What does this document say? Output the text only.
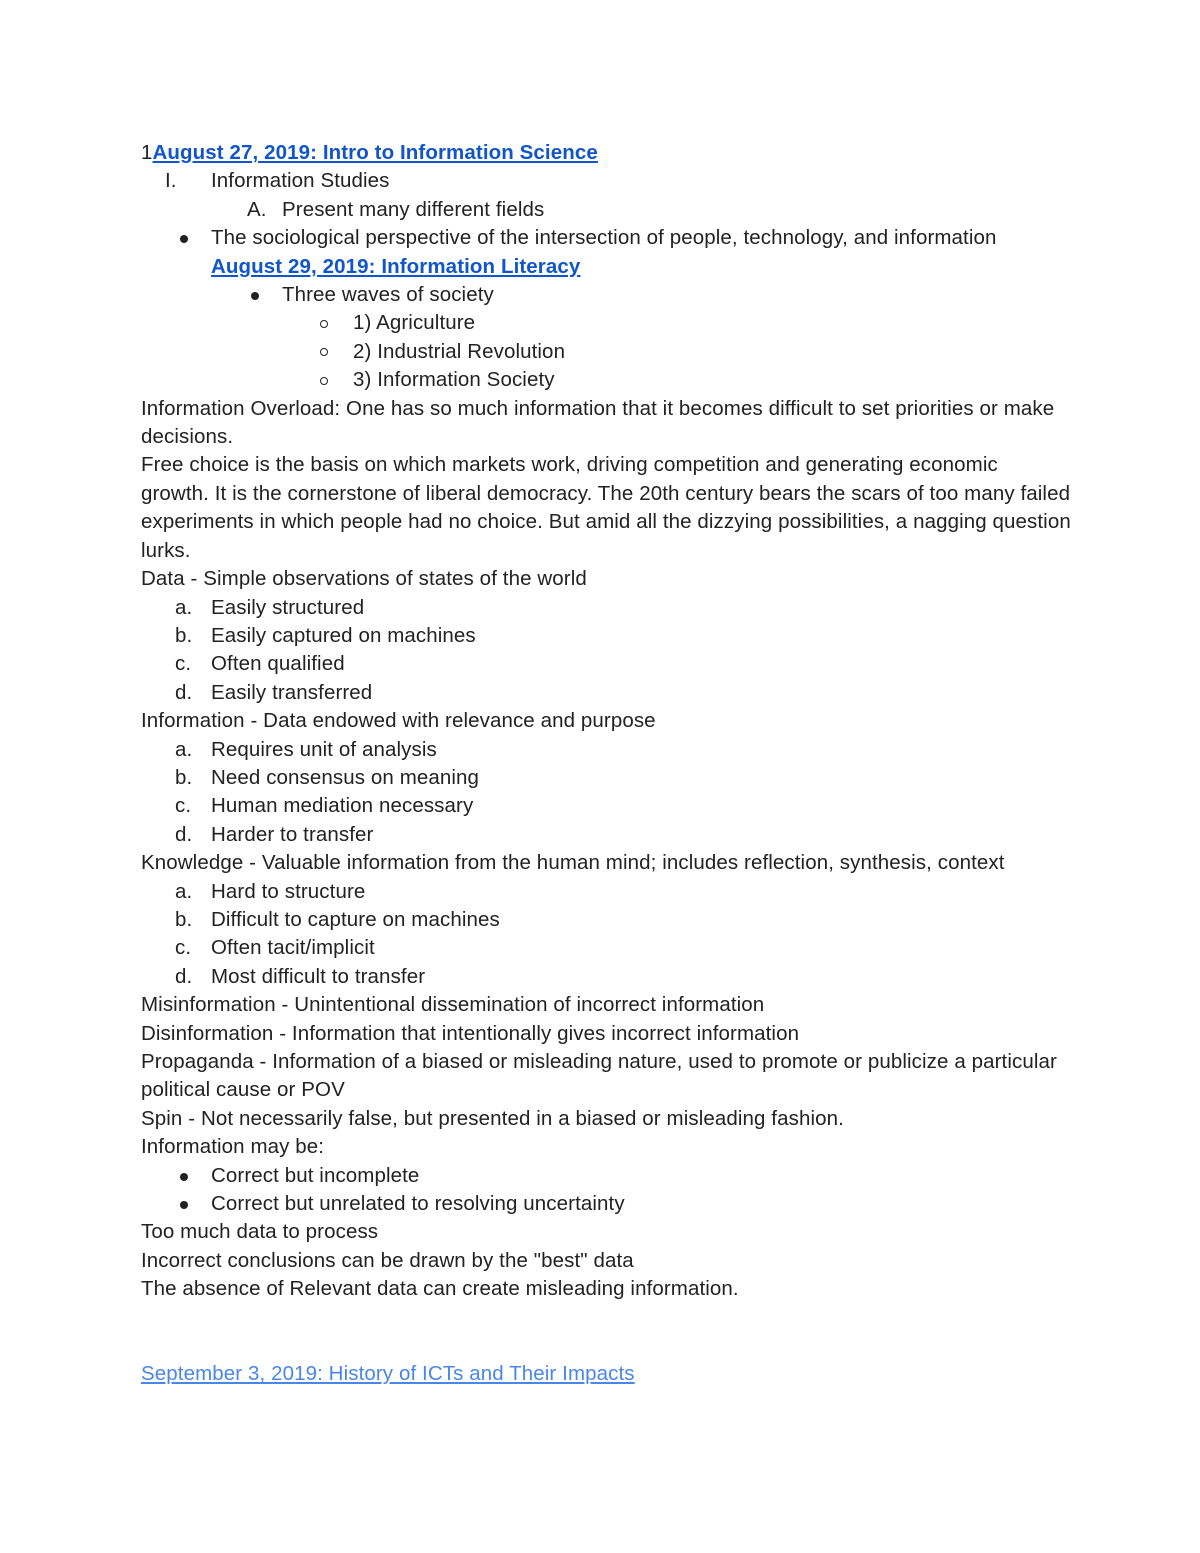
1August 27, 2019: Intro to Information Science
I. Information Studies
A. Present many different fields
The sociological perspective of the intersection of people, technology, and information
August 29, 2019: Information Literacy
Three waves of society
1) Agriculture
2) Industrial Revolution
3) Information Society
Information Overload: One has so much information that it becomes difficult to set priorities or make decisions.
Free choice is the basis on which markets work, driving competition and generating economic growth. It is the cornerstone of liberal democracy. The 20th century bears the scars of too many failed experiments in which people had no choice. But amid all the dizzying possibilities, a nagging question lurks.
Data - Simple observations of states of the world
a. Easily structured
b. Easily captured on machines
c. Often qualified
d. Easily transferred
Information - Data endowed with relevance and purpose
a. Requires unit of analysis
b. Need consensus on meaning
c. Human mediation necessary
d. Harder to transfer
Knowledge - Valuable information from the human mind; includes reflection, synthesis, context
a. Hard to structure
b. Difficult to capture on machines
c. Often tacit/implicit
d. Most difficult to transfer
Misinformation - Unintentional dissemination of incorrect information
Disinformation - Information that intentionally gives incorrect information
Propaganda - Information of a biased or misleading nature, used to promote or publicize a particular political cause or POV
Spin - Not necessarily false, but presented in a biased or misleading fashion.
Information may be:
Correct but incomplete
Correct but unrelated to resolving uncertainty
Too much data to process
Incorrect conclusions can be drawn by the "best" data
The absence of Relevant data can create misleading information.
September 3, 2019: History of ICTs and Their Impacts
